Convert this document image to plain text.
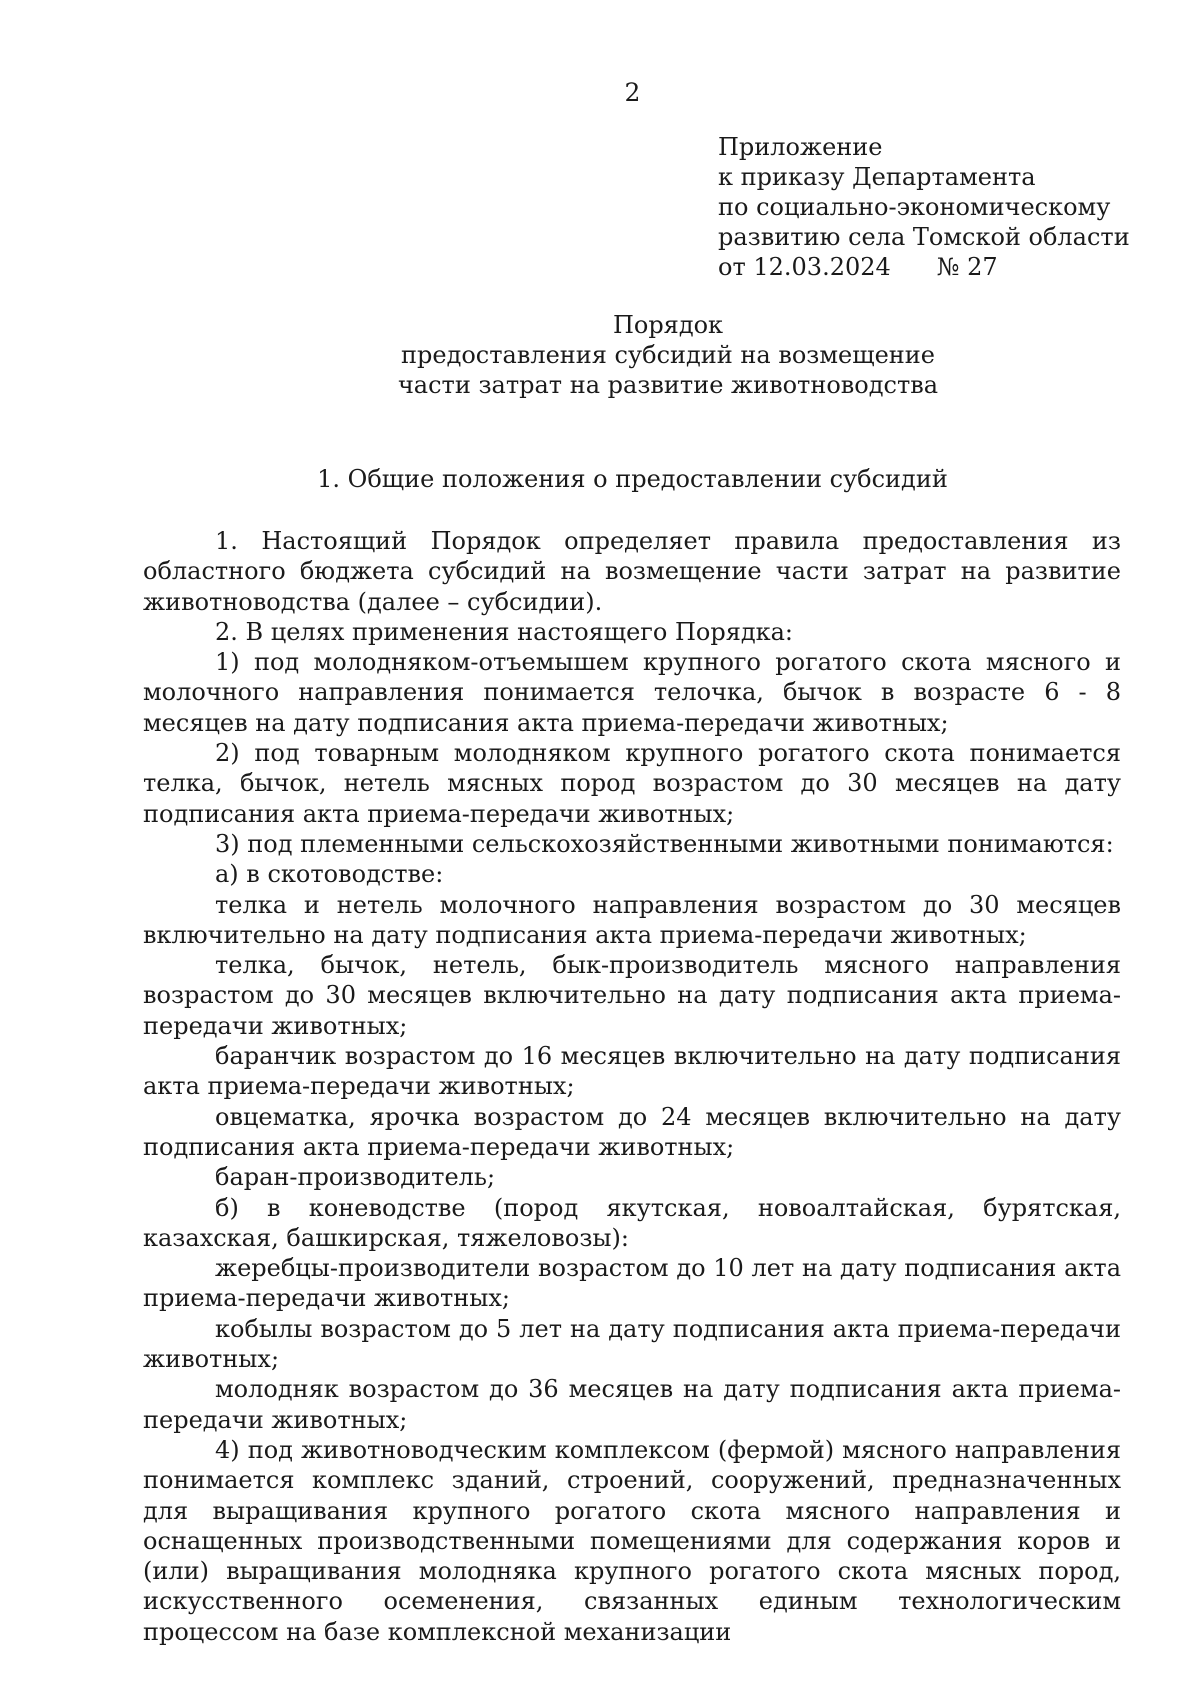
2
Приложение
к приказу Департамента
по социально-экономическому
развитию села Томской области
от 12.03.2024 № 27
Порядок
предоставления субсидий на возмещение
части затрат на развитие животноводства
1. Общие положения о предоставлении субсидий

1. Настоящий Порядок определяет правила предоставления из областного бюджета субсидий на возмещение части затрат на развитие животноводства (далее – субсидии).

2. В целях применения настоящего Порядка:

1) под молодняком-отъемышем крупного рогатого скота мясного и молочного направления понимается телочка, бычок в возрасте 6 - 8 месяцев на дату подписания акта приема-передачи животных;

2) под товарным молодняком крупного рогатого скота понимается телка, бычок, нетель мясных пород возрастом до 30 месяцев на дату подписания акта приема-передачи животных;

3) под племенными сельскохозяйственными животными понимаются:

а) в скотоводстве:

телка и нетель молочного направления возрастом до 30 месяцев включительно на дату подписания акта приема-передачи животных;

телка, бычок, нетель, бык-производитель мясного направления возрастом до 30 месяцев включительно на дату подписания акта приема-передачи животных;

баранчик возрастом до 16 месяцев включительно на дату подписания акта приема-передачи животных;

овцематка, ярочка возрастом до 24 месяцев включительно на дату подписания акта приема-передачи животных;

баран-производитель;

б) в коневодстве (пород якутская, новоалтайская, бурятская, казахская, башкирская, тяжеловозы):

жеребцы-производители возрастом до 10 лет на дату подписания акта приема-передачи животных;

кобылы возрастом до 5 лет на дату подписания акта приема-передачи животных;

молодняк возрастом до 36 месяцев на дату подписания акта приема-передачи животных;

4) под животноводческим комплексом (фермой) мясного направления понимается комплекс зданий, строений, сооружений, предназначенных для выращивания крупного рогатого скота мясного направления и оснащенных производственными помещениями для содержания коров и (или) выращивания молодняка крупного рогатого скота мясных пород, искусственного осеменения, связанных единым технологическим процессом на базе комплексной механизации
